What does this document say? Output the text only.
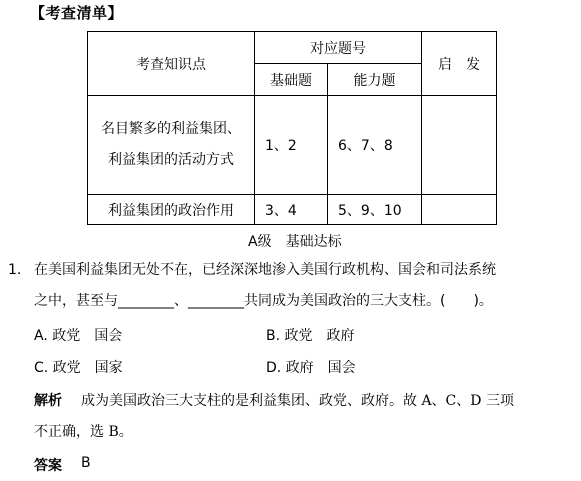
【考查清单】
考查知识点	对应题号		启　发
	基础题	能力题	

名目繁多的利益集团、利益集团的活动方式	1、2	6、7、8	
利益集团的政治作用	3、4	5、9、10	
A级　基础达标
1. 在美国利益集团无处不在，已经深深地渗入美国行政机构、国会和司法系统
之中，甚至与________、________共同成为美国政治的三大支柱。(　　)。
A. 政党　国会	B. 政党　政府
C. 政党　国家	D. 政府　国会
解析 成为美国政治三大支柱的是利益集团、政党、政府。故 A、C、D 三项
不正确，选 B。
答案 B
